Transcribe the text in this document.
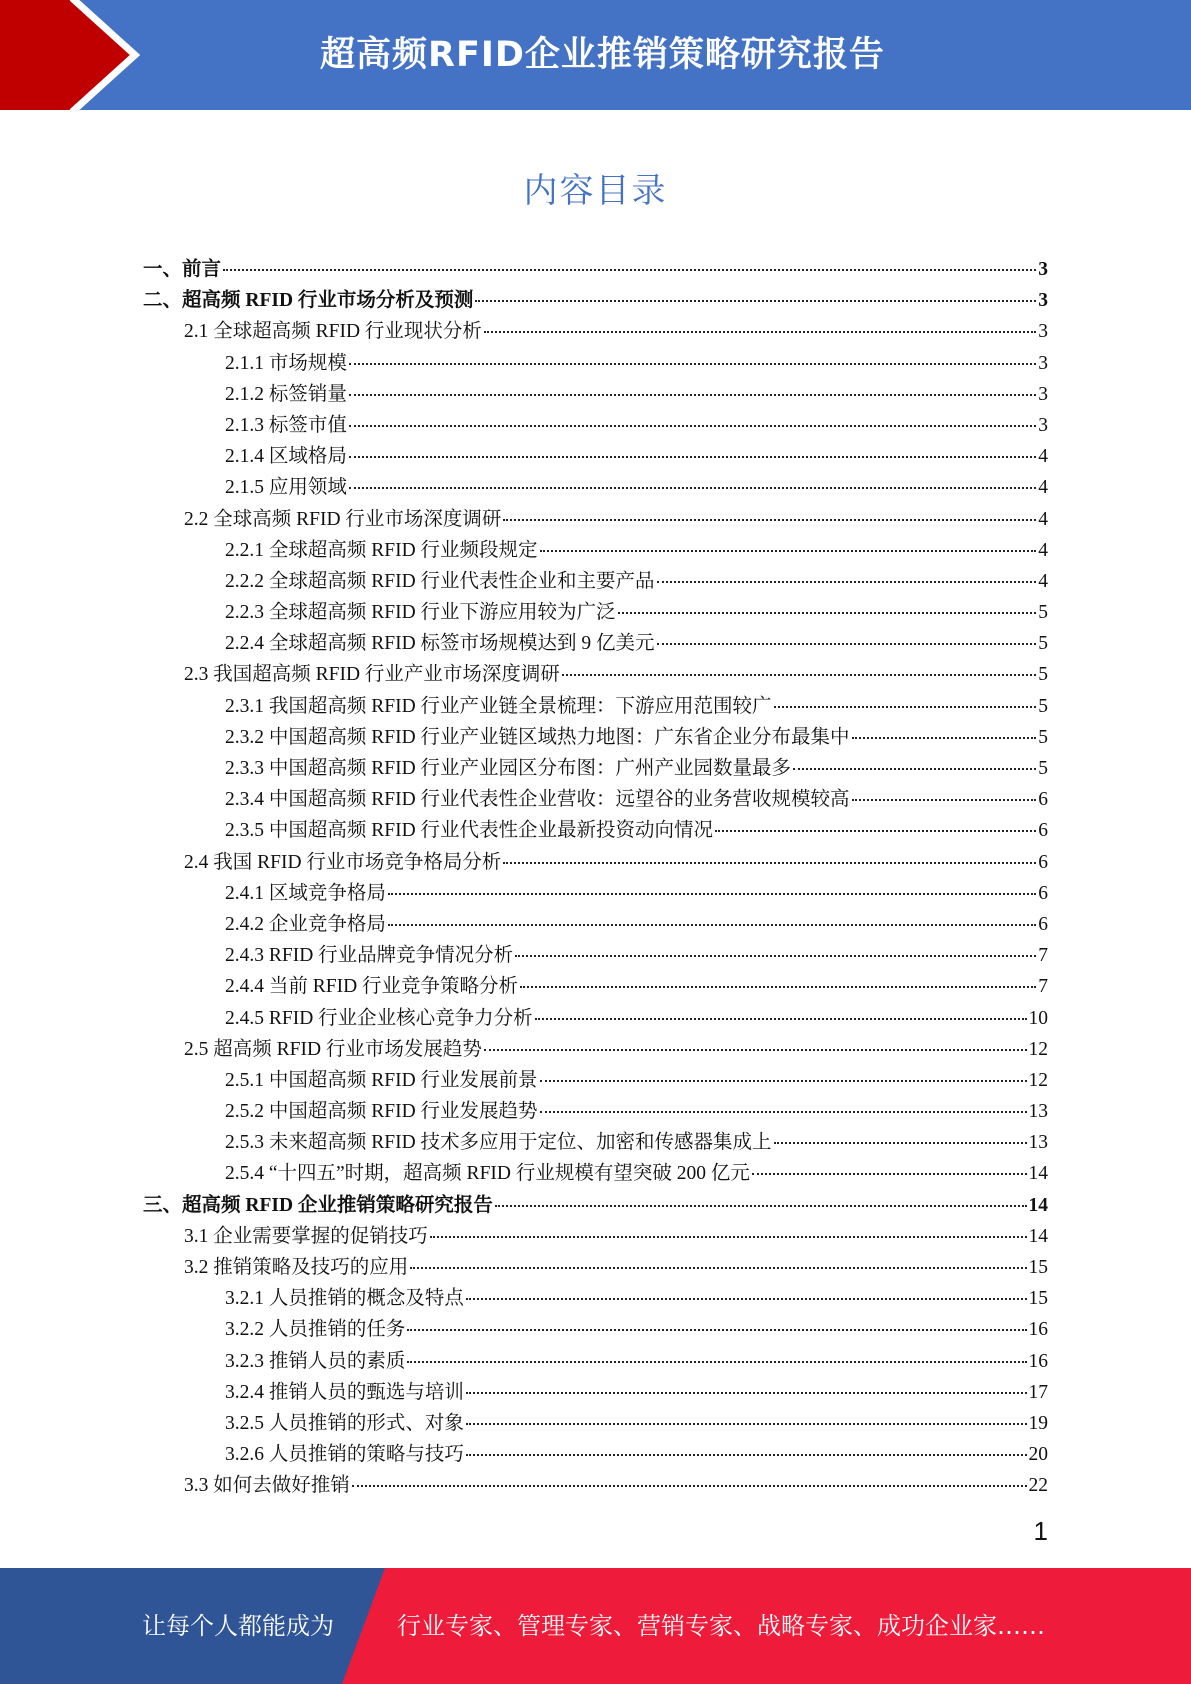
超高频RFID企业推销策略研究报告
内容目录
一、前言	3
二、超高频 RFID 行业市场分析及预测	3
2.1 全球超高频 RFID 行业现状分析	3
2.1.1 市场规模	3
2.1.2 标签销量	3
2.1.3 标签市值	3
2.1.4 区域格局	4
2.1.5 应用领域	4
2.2 全球高频 RFID 行业市场深度调研	4
2.2.1 全球超高频 RFID 行业频段规定	4
2.2.2 全球超高频 RFID 行业代表性企业和主要产品	4
2.2.3 全球超高频 RFID 行业下游应用较为广泛	5
2.2.4 全球超高频 RFID 标签市场规模达到 9 亿美元	5
2.3 我国超高频 RFID 行业产业市场深度调研	5
2.3.1 我国超高频 RFID 行业产业链全景梳理：下游应用范围较广	5
2.3.2 中国超高频 RFID 行业产业链区域热力地图：广东省企业分布最集中	5
2.3.3 中国超高频 RFID 行业产业园区分布图：广州产业园数量最多	5
2.3.4 中国超高频 RFID 行业代表性企业营收：远望谷的业务营收规模较高	6
2.3.5 中国超高频 RFID 行业代表性企业最新投资动向情况	6
2.4 我国 RFID 行业市场竞争格局分析	6
2.4.1 区域竞争格局	6
2.4.2 企业竞争格局	6
2.4.3 RFID 行业品牌竞争情况分析	7
2.4.4 当前 RFID 行业竞争策略分析	7
2.4.5 RFID 行业企业核心竞争力分析	10
2.5 超高频 RFID 行业市场发展趋势	12
2.5.1 中国超高频 RFID 行业发展前景	12
2.5.2 中国超高频 RFID 行业发展趋势	13
2.5.3 未来超高频 RFID 技术多应用于定位、加密和传感器集成上	13
2.5.4 “十四五”时期，超高频 RFID 行业规模有望突破 200 亿元	14
三、超高频 RFID 企业推销策略研究报告	14
3.1 企业需要掌握的促销技巧	14
3.2 推销策略及技巧的应用	15
3.2.1 人员推销的概念及特点	15
3.2.2 人员推销的任务	16
3.2.3 推销人员的素质	16
3.2.4 推销人员的甄选与培训	17
3.2.5 人员推销的形式、对象	19
3.2.6 人员推销的策略与技巧	20
3.3 如何去做好推销	22
1
让每个人都能成为	行业专家、管理专家、营销专家、战略专家、成功企业家……
